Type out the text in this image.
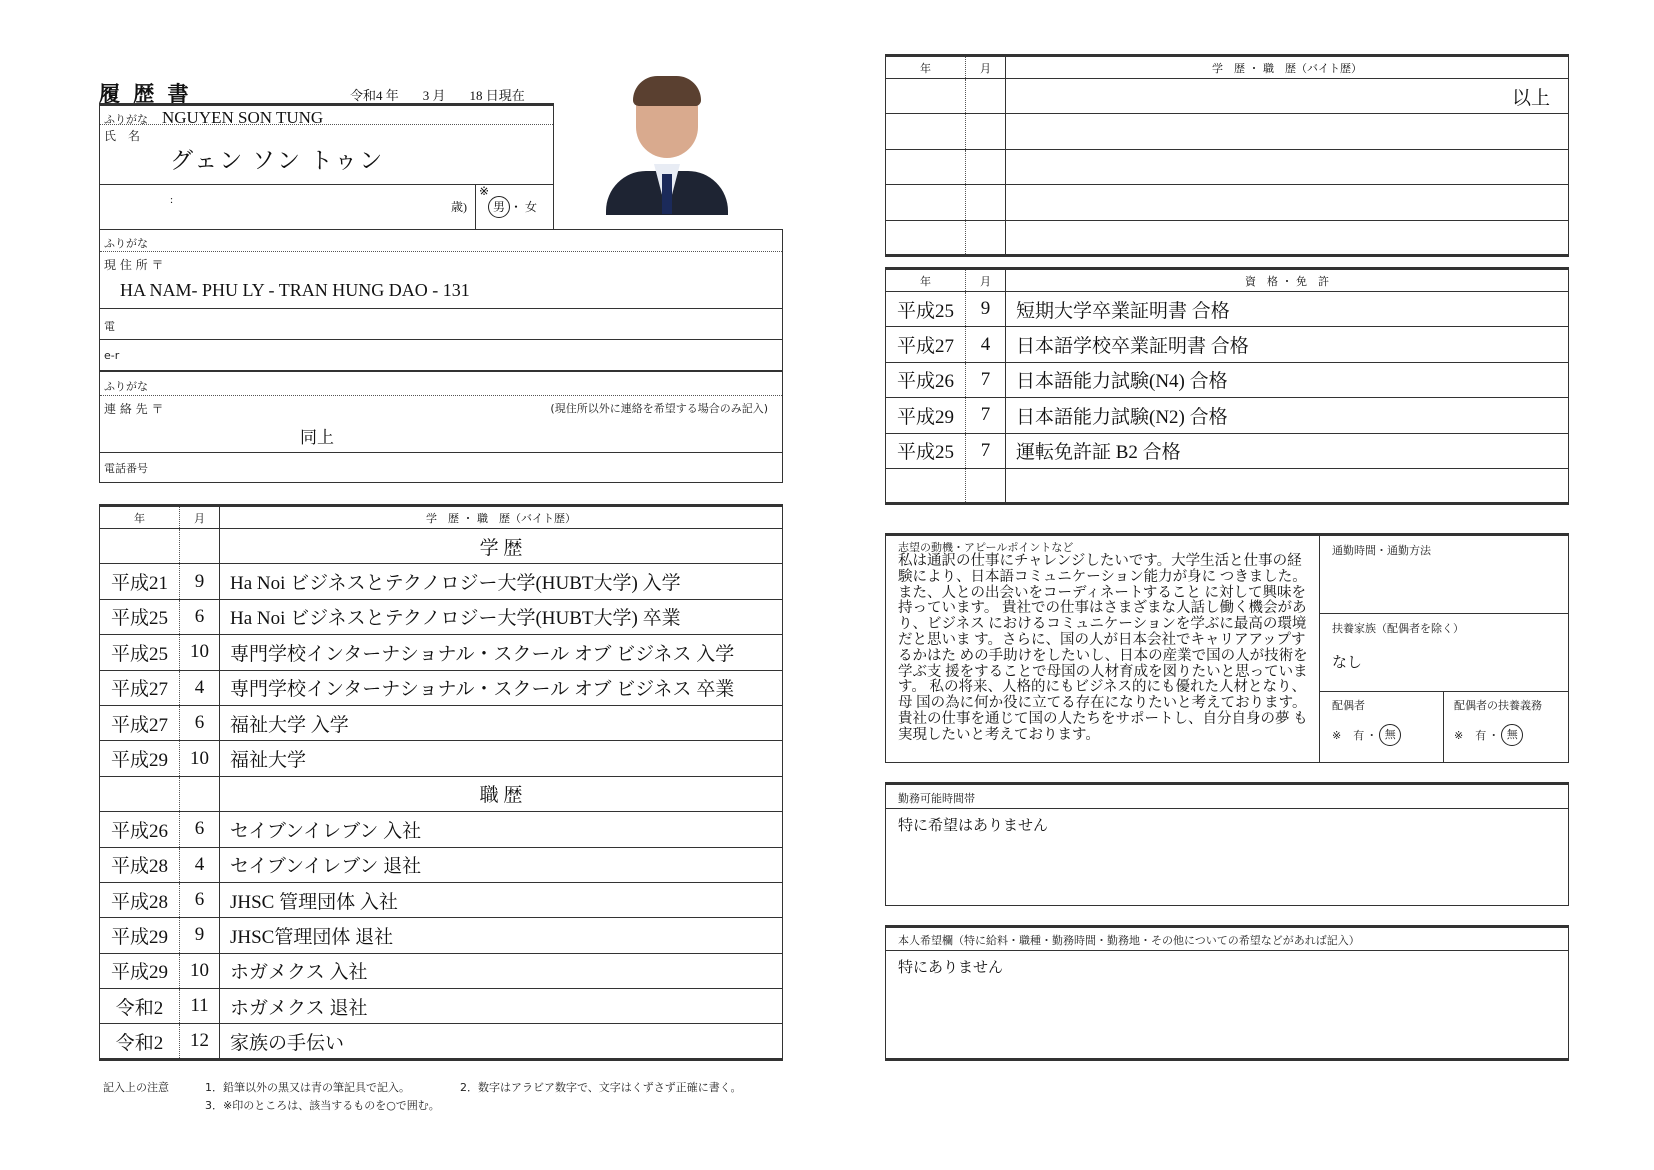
履 歴 書	令和4 年 3 月 18 日現在
ふりがな NGUYEN SON TUNG
氏　名
グェン ソン トゥン
:	歳)
※
男 ・ 女
ふりがな
現 住 所 〒
HA NAM- PHU LY - TRAN HUNG DAO - 131
電
e-r
ふりがな
連 絡 先 〒	(現住所以外に連絡を希望する場合のみ記入)
同上
電話番号
年	月	学　歴 ・ 職　歴（バイト歴）
		学 歴
平成21	9	Ha Noi ビジネスとテクノロジー大学(HUBT大学) 入学
平成25	6	Ha Noi ビジネスとテクノロジー大学(HUBT大学) 卒業
平成25	10	専門学校インターナショナル・スクール オブ ビジネス 入学
平成27	4	専門学校インターナショナル・スクール オブ ビジネス 卒業
平成27	6	福祉大学 入学
平成29	10	福祉大学
		職 歴
平成26	6	セイブンイレブン 入社
平成28	4	セイブンイレブン 退社
平成28	6	JHSC 管理団体 入社
平成29	9	JHSC管理団体 退社
平成29	10	ホガメクス 入社
令和2	11	ホガメクス 退社
令和2	12	家族の手伝い
年	月	学　歴 ・ 職　歴（バイト歴）
		以上

年	月	資　格 ・ 免　許
平成25	9	短期大学卒業証明書 合格
平成27	4	日本語学校卒業証明書 合格
平成26	7	日本語能力試験(N4) 合格
平成29	7	日本語能力試験(N2) 合格
平成25	7	運転免許証 B2 合格

志望の動機・アピールポイントなど
私は通訳の仕事にチャレンジしたいです。大学生活と仕事の経験により、日本語コミュニケーション能力が身に つきました。また、人との出会いをコーディネートすること に対して興味を持っています。 貴社での仕事はさまざまな人話し働く機会があり、ビジネス におけるコミュニケーションを学ぶに最高の環境だと思いま す。さらに、国の人が日本会社でキャリアアップするかはた めの手助けをしたいし、日本の産業で国の人が技術を学ぶ支 援をすることで母国の人材育成を図りたいと思っています。 私の将来、人格的にもビジネス的にも優れた人材となり、母 国の為に何か役に立てる存在になりたいと考えております。 貴社の仕事を通じて国の人たちをサポートし、自分自身の夢 も実現したいと考えております。
通勤時間・通勤方法
扶養家族（配偶者を除く）
なし
配偶者
※ 有 ・ 無
配偶者の扶養義務
※ 有 ・ 無
勤務可能時間帯
特に希望はありません
本人希望欄（特に給料・職種・勤務時間・勤務地・その他についての希望などがあれば記入）
特にありません
記入上の注意	1．鉛筆以外の黒又は青の筆記具で記入。	2．数字はアラビア数字で、文字はくずさず正確に書く。
3．※印のところは、該当するものを○で囲む。
